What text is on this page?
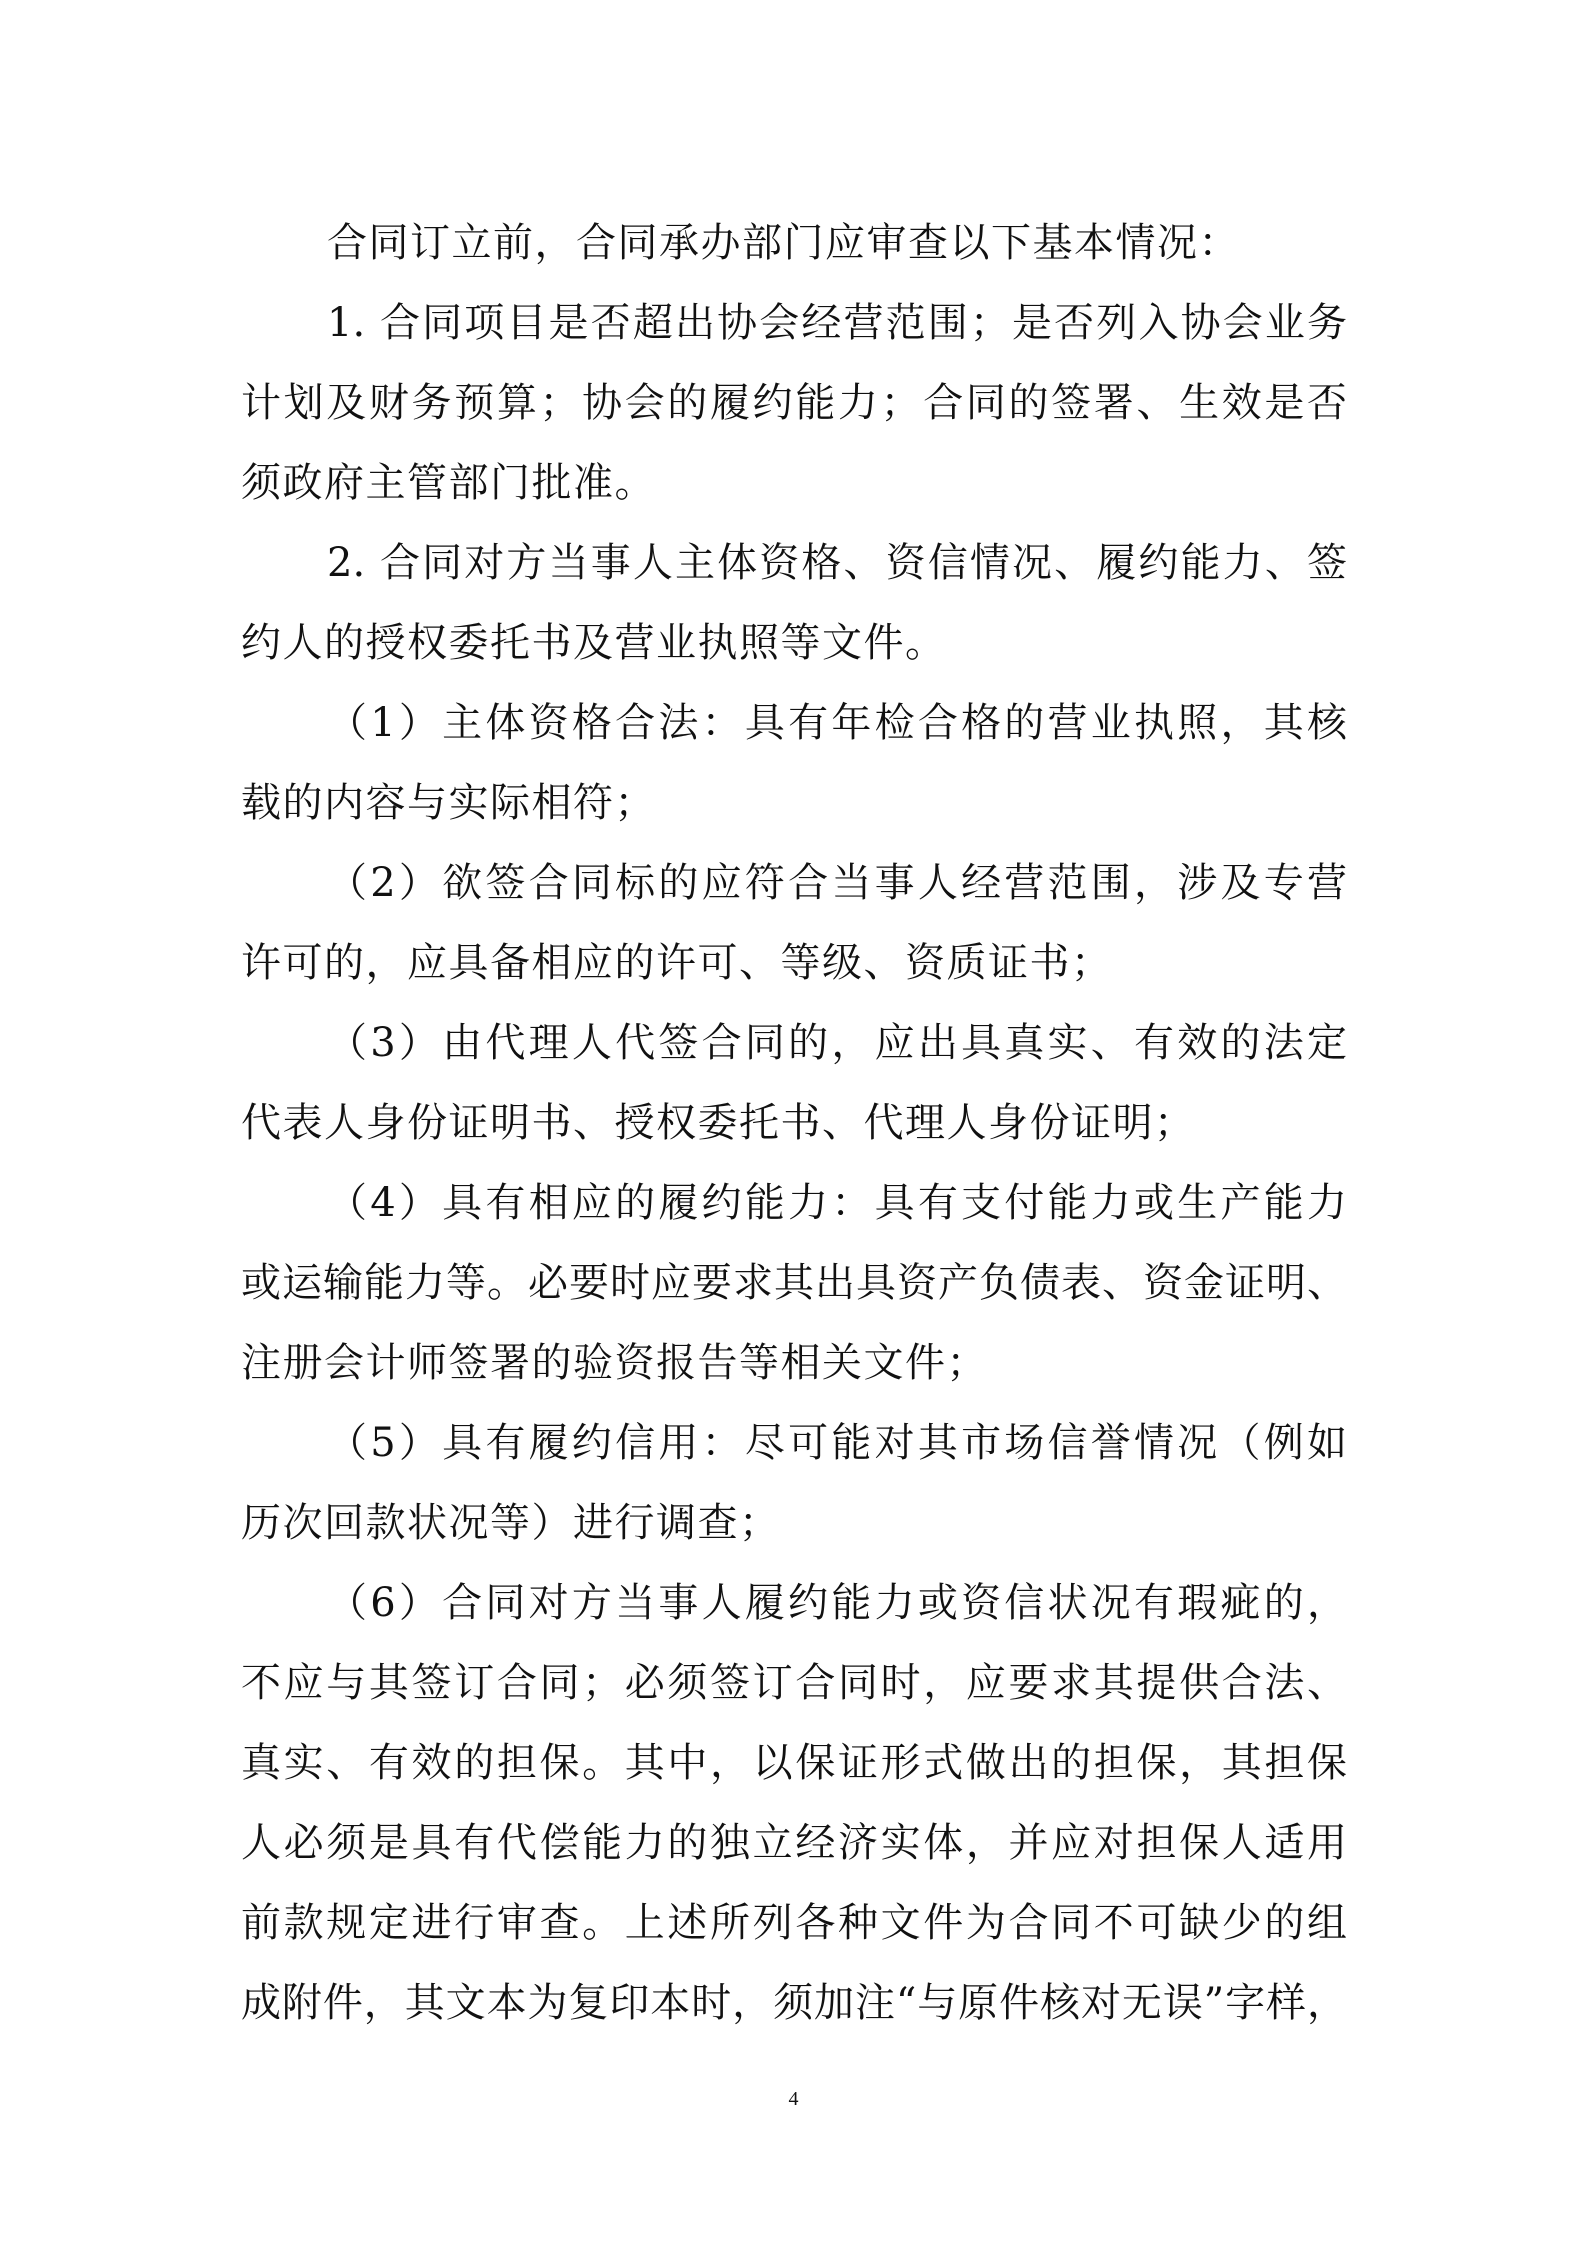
合同订立前，合同承办部门应审查以下基本情况：
1. 合同项目是否超出协会经营范围；是否列入协会业务
计划及财务预算；协会的履约能力；合同的签署、生效是否
须政府主管部门批准。
2. 合同对方当事人主体资格、资信情况、履约能力、签
约人的授权委托书及营业执照等文件。
（1）主体资格合法：具有年检合格的营业执照，其核
载的内容与实际相符；
（2）欲签合同标的应符合当事人经营范围，涉及专营
许可的，应具备相应的许可、等级、资质证书；
（3）由代理人代签合同的，应出具真实、有效的法定
代表人身份证明书、授权委托书、代理人身份证明；
（4）具有相应的履约能力：具有支付能力或生产能力
或运输能力等。必要时应要求其出具资产负债表、资金证明、
注册会计师签署的验资报告等相关文件；
（5）具有履约信用：尽可能对其市场信誉情况（例如
历次回款状况等）进行调查；
（6）合同对方当事人履约能力或资信状况有瑕疵的，
不应与其签订合同；必须签订合同时，应要求其提供合法、
真实、有效的担保。其中，以保证形式做出的担保，其担保
人必须是具有代偿能力的独立经济实体，并应对担保人适用
前款规定进行审查。上述所列各种文件为合同不可缺少的组
成附件，其文本为复印本时，须加注“与原件核对无误”字样，
4
